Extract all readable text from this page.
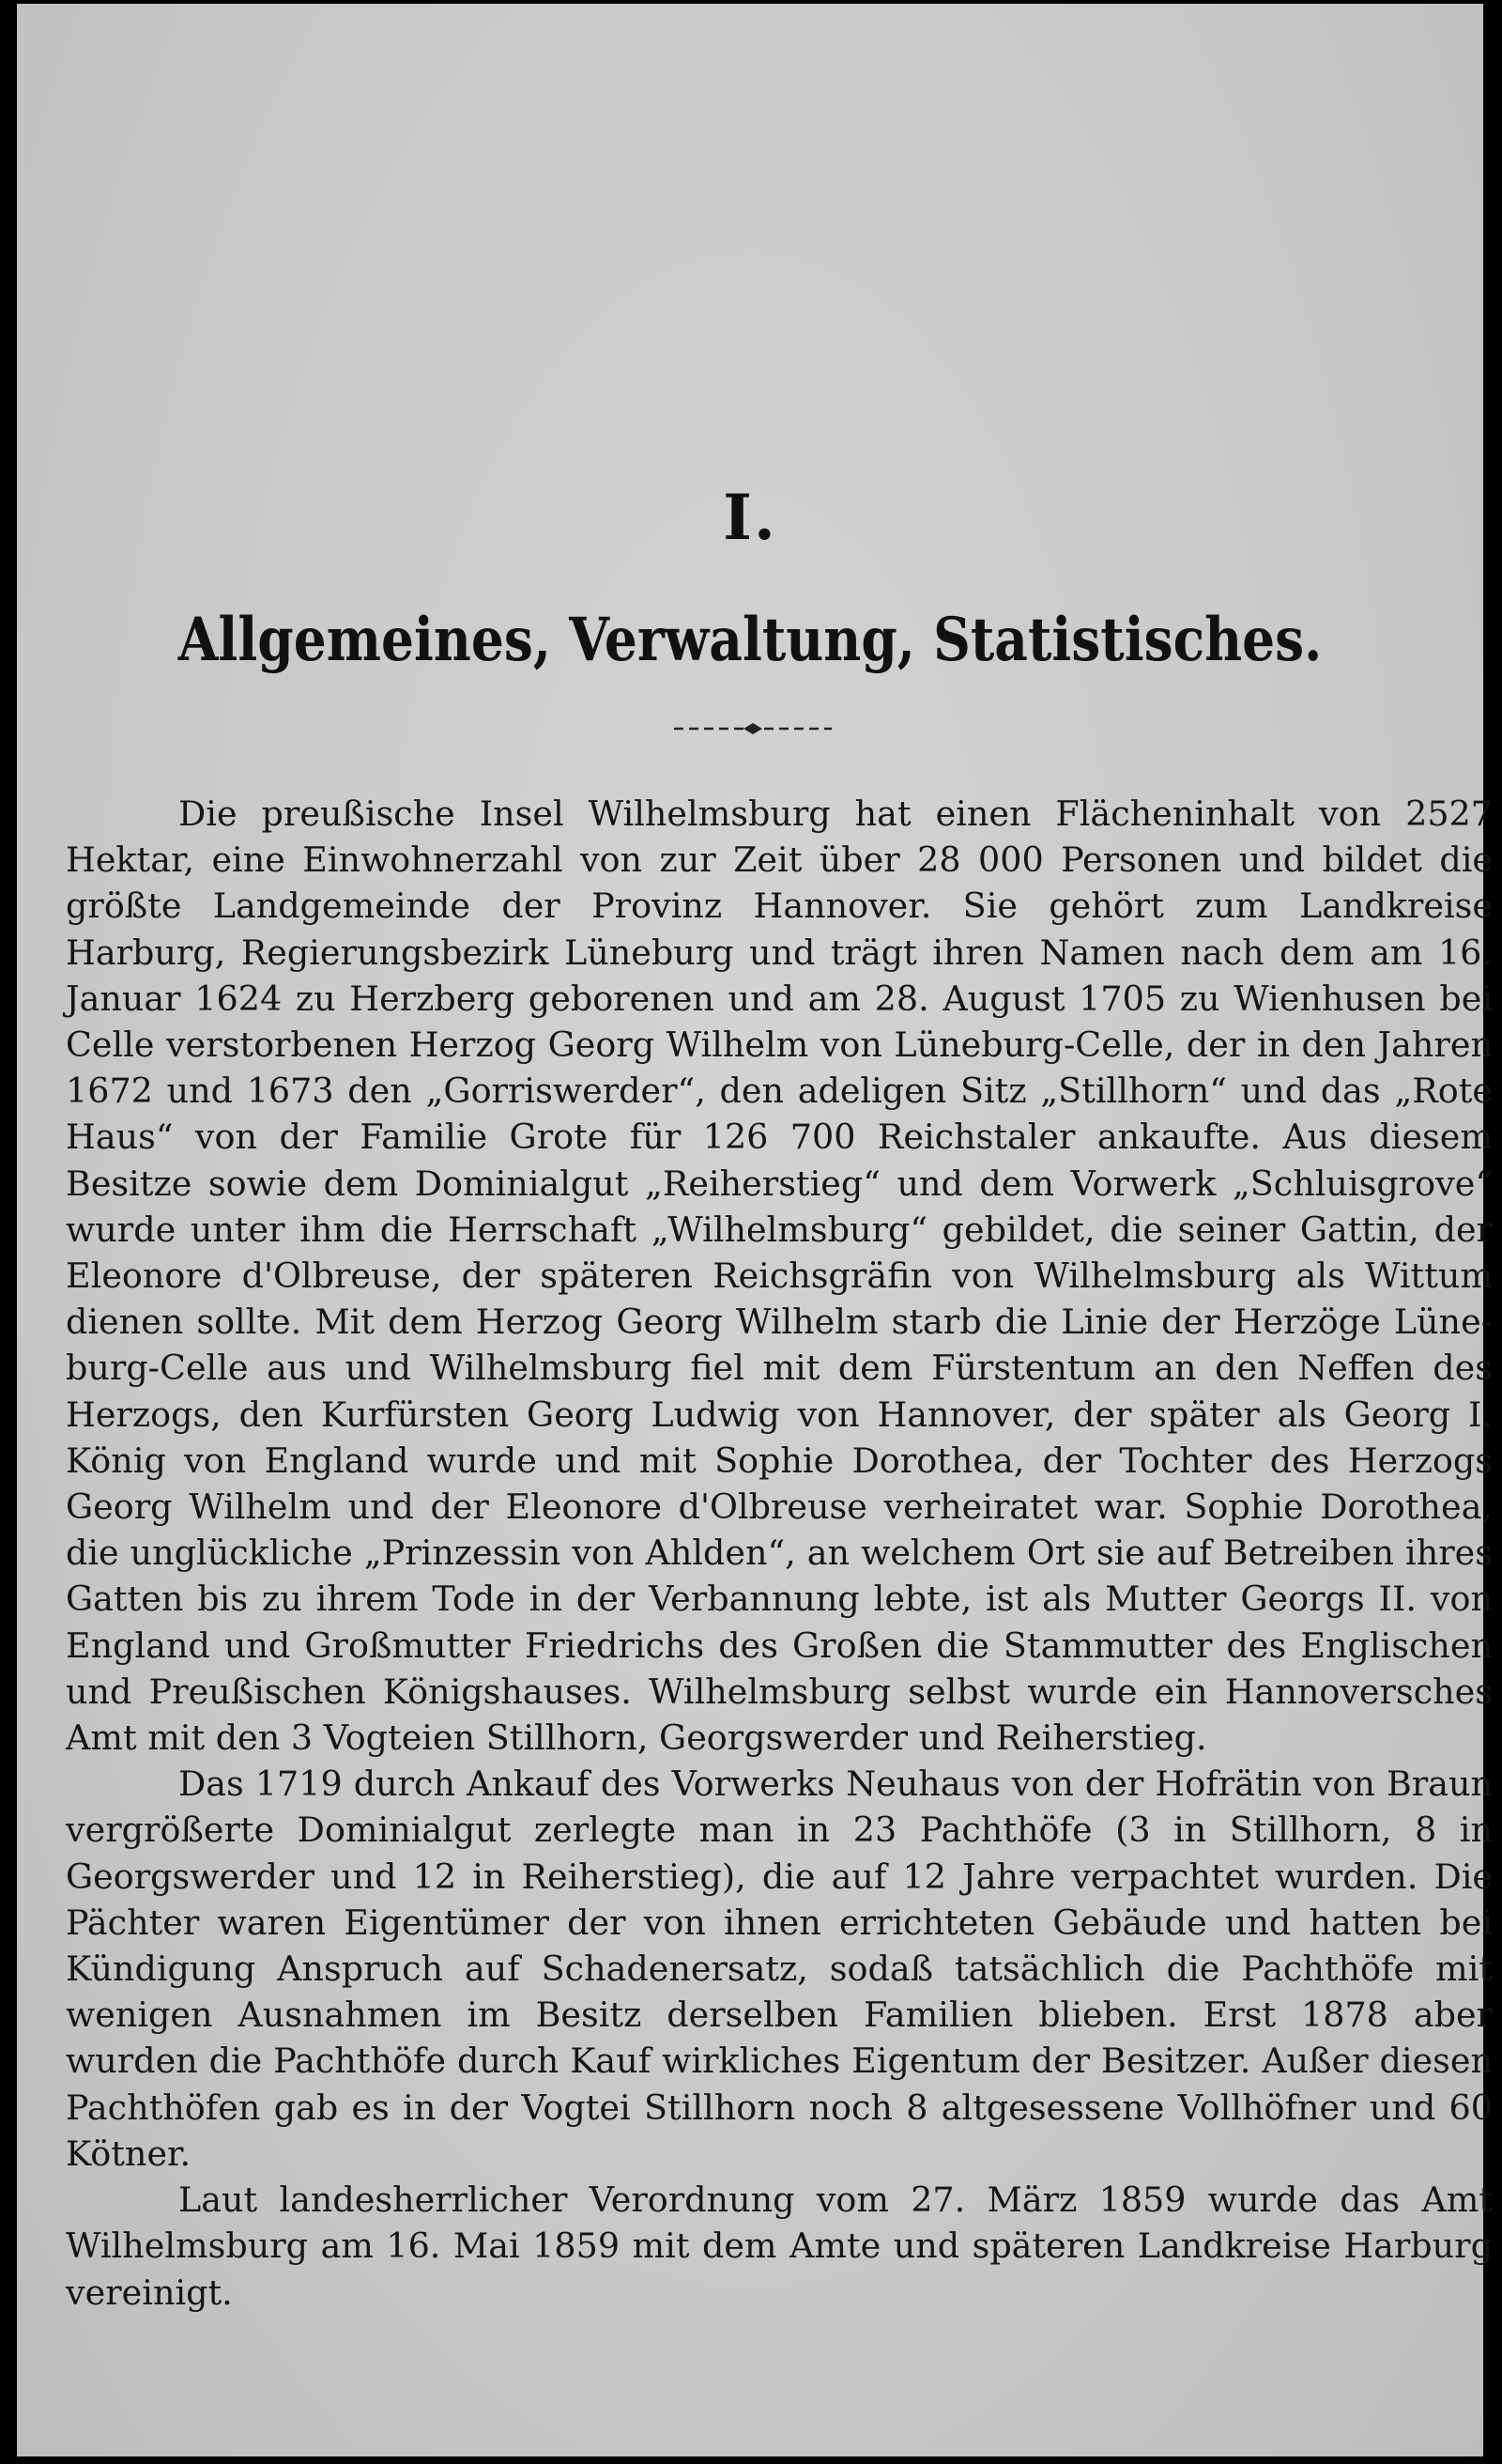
I.
Allgemeines, Verwaltung, Statistisches.

Die preußische Insel Wilhelmsburg hat einen Flächeninhalt von 2527 Hektar, eine Einwohnerzahl von zur Zeit über 28 000 Personen und bildet die größte Landgemeinde der Provinz Hannover. Sie gehört zum Landkreise Harburg, Regierungsbezirk Lüneburg und trägt ihren Namen nach dem am 16. Januar 1624 zu Herzberg geborenen und am 28. August 1705 zu Wienhusen bei Celle verstorbenen Herzog Georg Wilhelm von Lüneburg-Celle, der in den Jahren 1672 und 1673 den „Gorriswerder“, den adeligen Sitz „Stillhorn“ und das „Rote Haus“ von der Familie Grote für 126 700 Reichstaler ankaufte. Aus diesem Besitze sowie dem Dominialgut „Reiherstieg“ und dem Vorwerk „Schluisgrove“ wurde unter ihm die Herrschaft „Wilhelmsburg“ gebildet, die seiner Gattin, der Eleonore d'Olbreuse, der späteren Reichsgräfin von Wilhelmsburg als Wittum dienen sollte. Mit dem Herzog Georg Wilhelm starb die Linie der Herzöge Lüne-burg-Celle aus und Wilhelmsburg fiel mit dem Fürstentum an den Neffen des Herzogs, den Kurfürsten Georg Ludwig von Hannover, der später als Georg I. König von England wurde und mit Sophie Dorothea, der Tochter des Herzogs Georg Wilhelm und der Eleonore d'Olbreuse verheiratet war. Sophie Dorothea, die unglückliche „Prinzessin von Ahlden“, an welchem Ort sie auf Betreiben ihres Gatten bis zu ihrem Tode in der Verbannung lebte, ist als Mutter Georgs II. von England und Großmutter Friedrichs des Großen die Stammutter des Englischen und Preußischen Königshauses. Wilhelmsburg selbst wurde ein Hannoversches Amt mit den 3 Vogteien Stillhorn, Georgswerder und Reiherstieg.

Das 1719 durch Ankauf des Vorwerks Neuhaus von der Hofrätin von Braun vergrößerte Dominialgut zerlegte man in 23 Pachthöfe (3 in Stillhorn, 8 in Georgswerder und 12 in Reiherstieg), die auf 12 Jahre verpachtet wurden. Die Pächter waren Eigentümer der von ihnen errichteten Gebäude und hatten bei Kündigung Anspruch auf Schadenersatz, sodaß tatsächlich die Pachthöfe mit wenigen Ausnahmen im Besitz derselben Familien blieben. Erst 1878 aber wurden die Pachthöfe durch Kauf wirkliches Eigentum der Besitzer. Außer diesen Pachthöfen gab es in der Vogtei Stillhorn noch 8 altgesessene Vollhöfner und 60 Kötner.

Laut landesherrlicher Verordnung vom 27. März 1859 wurde das Amt Wilhelmsburg am 16. Mai 1859 mit dem Amte und späteren Landkreise Harburg vereinigt.
